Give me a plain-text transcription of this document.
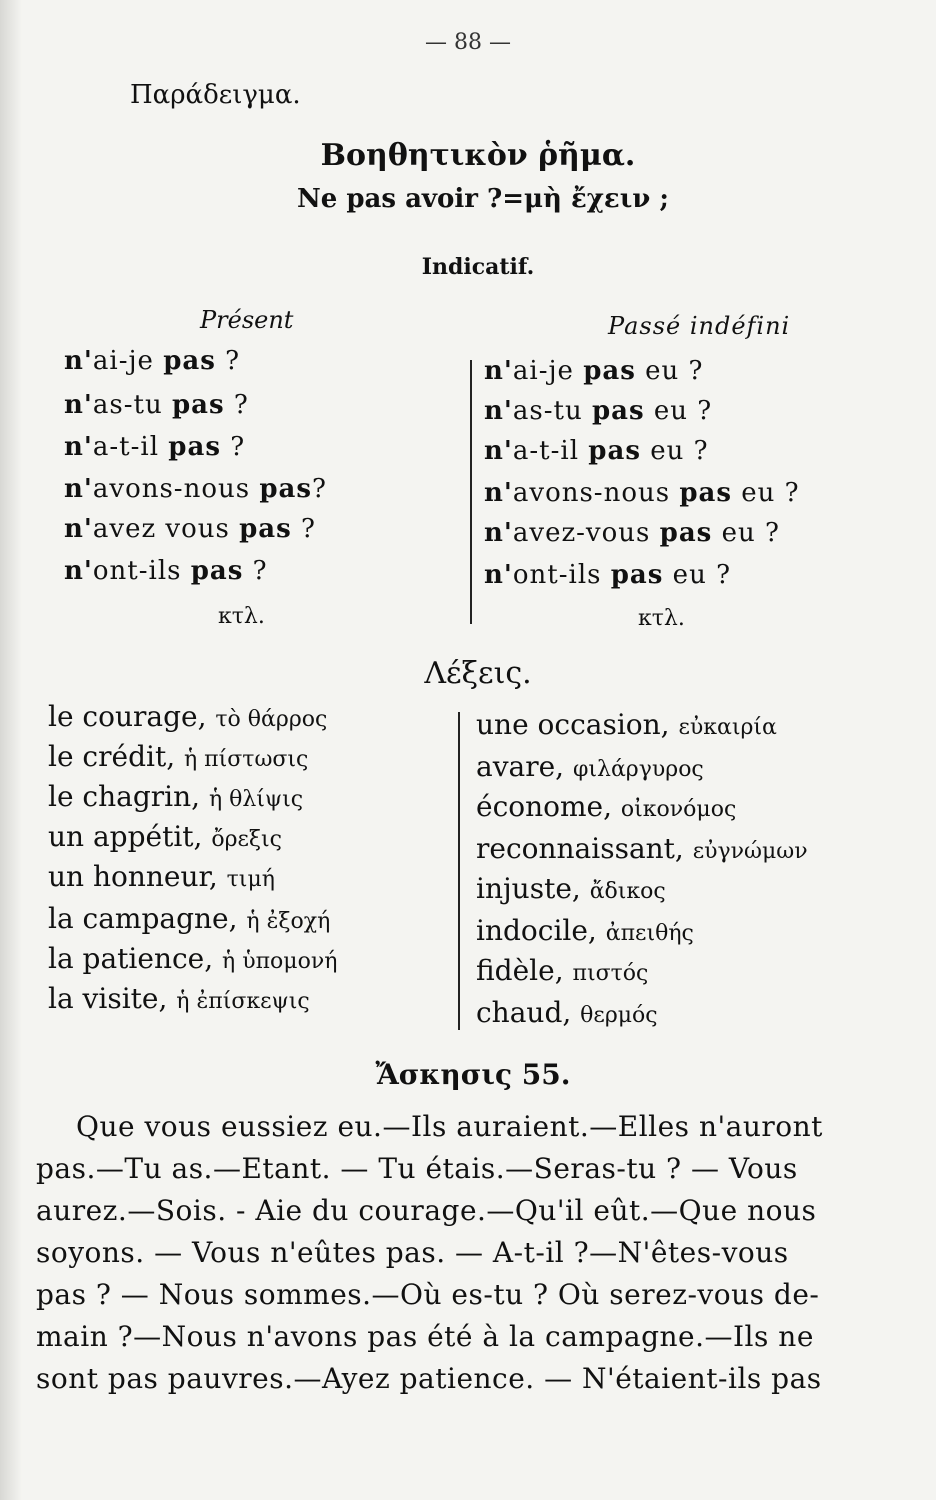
— 88 —
Παράδειγμα.
Βοηθητικὸν ῥῆμα.
Ne pas avoir ?=μὴ ἔχειν ;
Indicatif.
Présent
n'ai-je pas ?
n'as-tu pas ?
n'a-t-il pas ?
n'avons-nous pas?
n'avez vous pas ?
n'ont-ils pas ?
κτλ.
Passé indéfini
n'ai-je pas eu ?
n'as-tu pas eu ?
n'a-t-il pas eu ?
n'avons-nous pas eu ?
n'avez-vous pas eu ?
n'ont-ils pas eu ?
κτλ.
Λέξεις.
le courage, τὸ θάρρος
le crédit, ἡ πίστωσις
le chagrin, ἡ θλίψις
un appétit, ὄρεξις
un honneur, τιμή
la campagne, ἡ ἐξοχή
la patience, ἡ ὑπομονή
la visite, ἡ ἐπίσκεψις
une occasion, εὐκαιρία
avare, φιλάργυρος
économe, οἰκονόμος
reconnaissant, εὐγνώμων
injuste, ἄδικος
indocile, ἀπειθής
fidèle, πιστός
chaud, θερμός
Ἄσκησις 55.
Que vous eussiez eu.—Ils auraient.—Elles n'auront
pas.—Tu as.—Etant. — Tu étais.—Seras-tu ? — Vous
aurez.—Sois. - Aie du courage.—Qu'il eût.—Que nous
soyons. — Vous n'eûtes pas. — A-t-il ?—N'êtes-vous
pas ? — Nous sommes.—Où es-tu ? Où serez-vous de-
main ?—Nous n'avons pas été à la campagne.—Ils ne
sont pas pauvres.—Ayez patience. — N'étaient-ils pas
